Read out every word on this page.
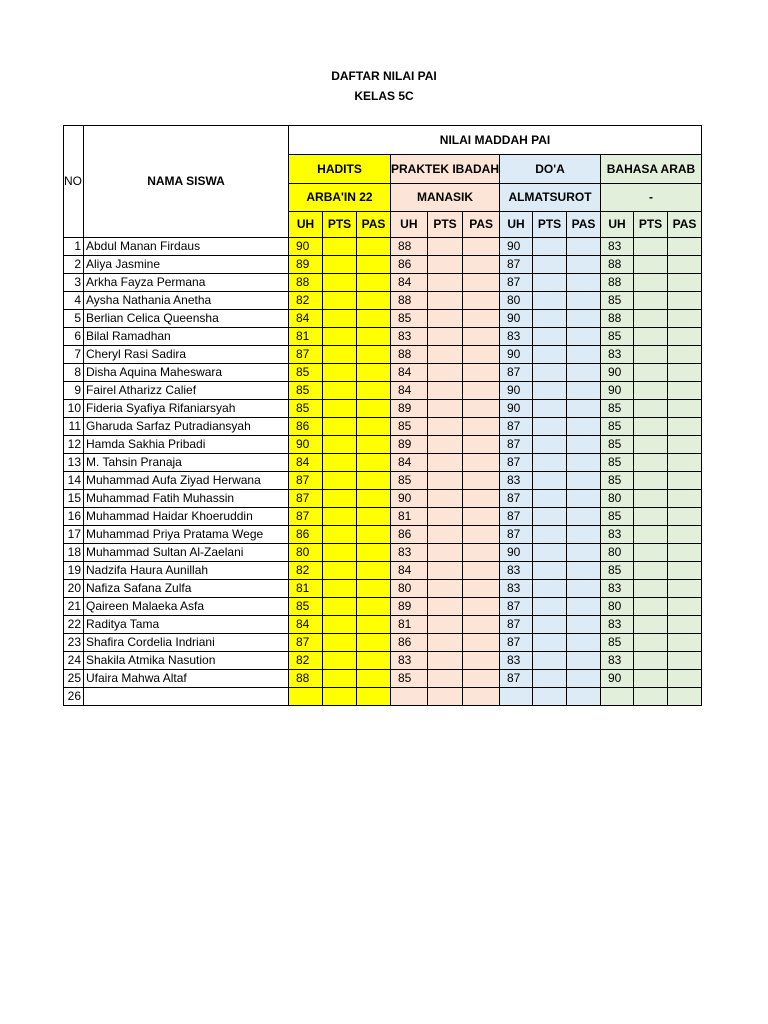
DAFTAR NILAI PAI
KELAS 5C
NO	NAMA SISWA	NILAI MADDAH PAI											
		HADITS			PRAKTEK IBADAH			DO'A			BAHASA ARAB		
		ARBA'IN 22			MANASIK			ALMATSUROT			-		
		UH	PTS	PAS	UH	PTS	PAS	UH	PTS	PAS	UH	PTS	PAS
1	Abdul Manan Firdaus	90			88			90			83		
2	Aliya Jasmine	89			86			87			88		
3	Arkha Fayza Permana	88			84			87			88		
4	Aysha Nathania Anetha	82			88			80			85		
5	Berlian Celica Queensha	84			85			90			88		
6	Bilal Ramadhan	81			83			83			85		
7	Cheryl Rasi Sadira	87			88			90			83		
8	Disha Aquina Maheswara	85			84			87			90		
9	Fairel Atharizz Calief	85			84			90			90		
10	Fideria Syafiya Rifaniarsyah	85			89			90			85		
11	Gharuda Sarfaz Putradiansyah	86			85			87			85		
12	Hamda Sakhia Pribadi	90			89			87			85		
13	M. Tahsin Pranaja	84			84			87			85		
14	Muhammad Aufa Ziyad Herwana	87			85			83			85		
15	Muhammad Fatih Muhassin	87			90			87			80		
16	Muhammad Haidar Khoeruddin	87			81			87			85		
17	Muhammad Priya Pratama Wege	86			86			87			83		
18	Muhammad Sultan Al-Zaelani	80			83			90			80		
19	Nadzifa Haura Aunillah	82			84			83			85		
20	Nafiza Safana Zulfa	81			80			83			83		
21	Qaireen Malaeka Asfa	85			89			87			80		
22	Raditya Tama	84			81			87			83		
23	Shafira Cordelia Indriani	87			86			87			85		
24	Shakila Atmika Nasution	82			83			83			83		
25	Ufaira Mahwa Altaf	88			85			87			90		
26													
